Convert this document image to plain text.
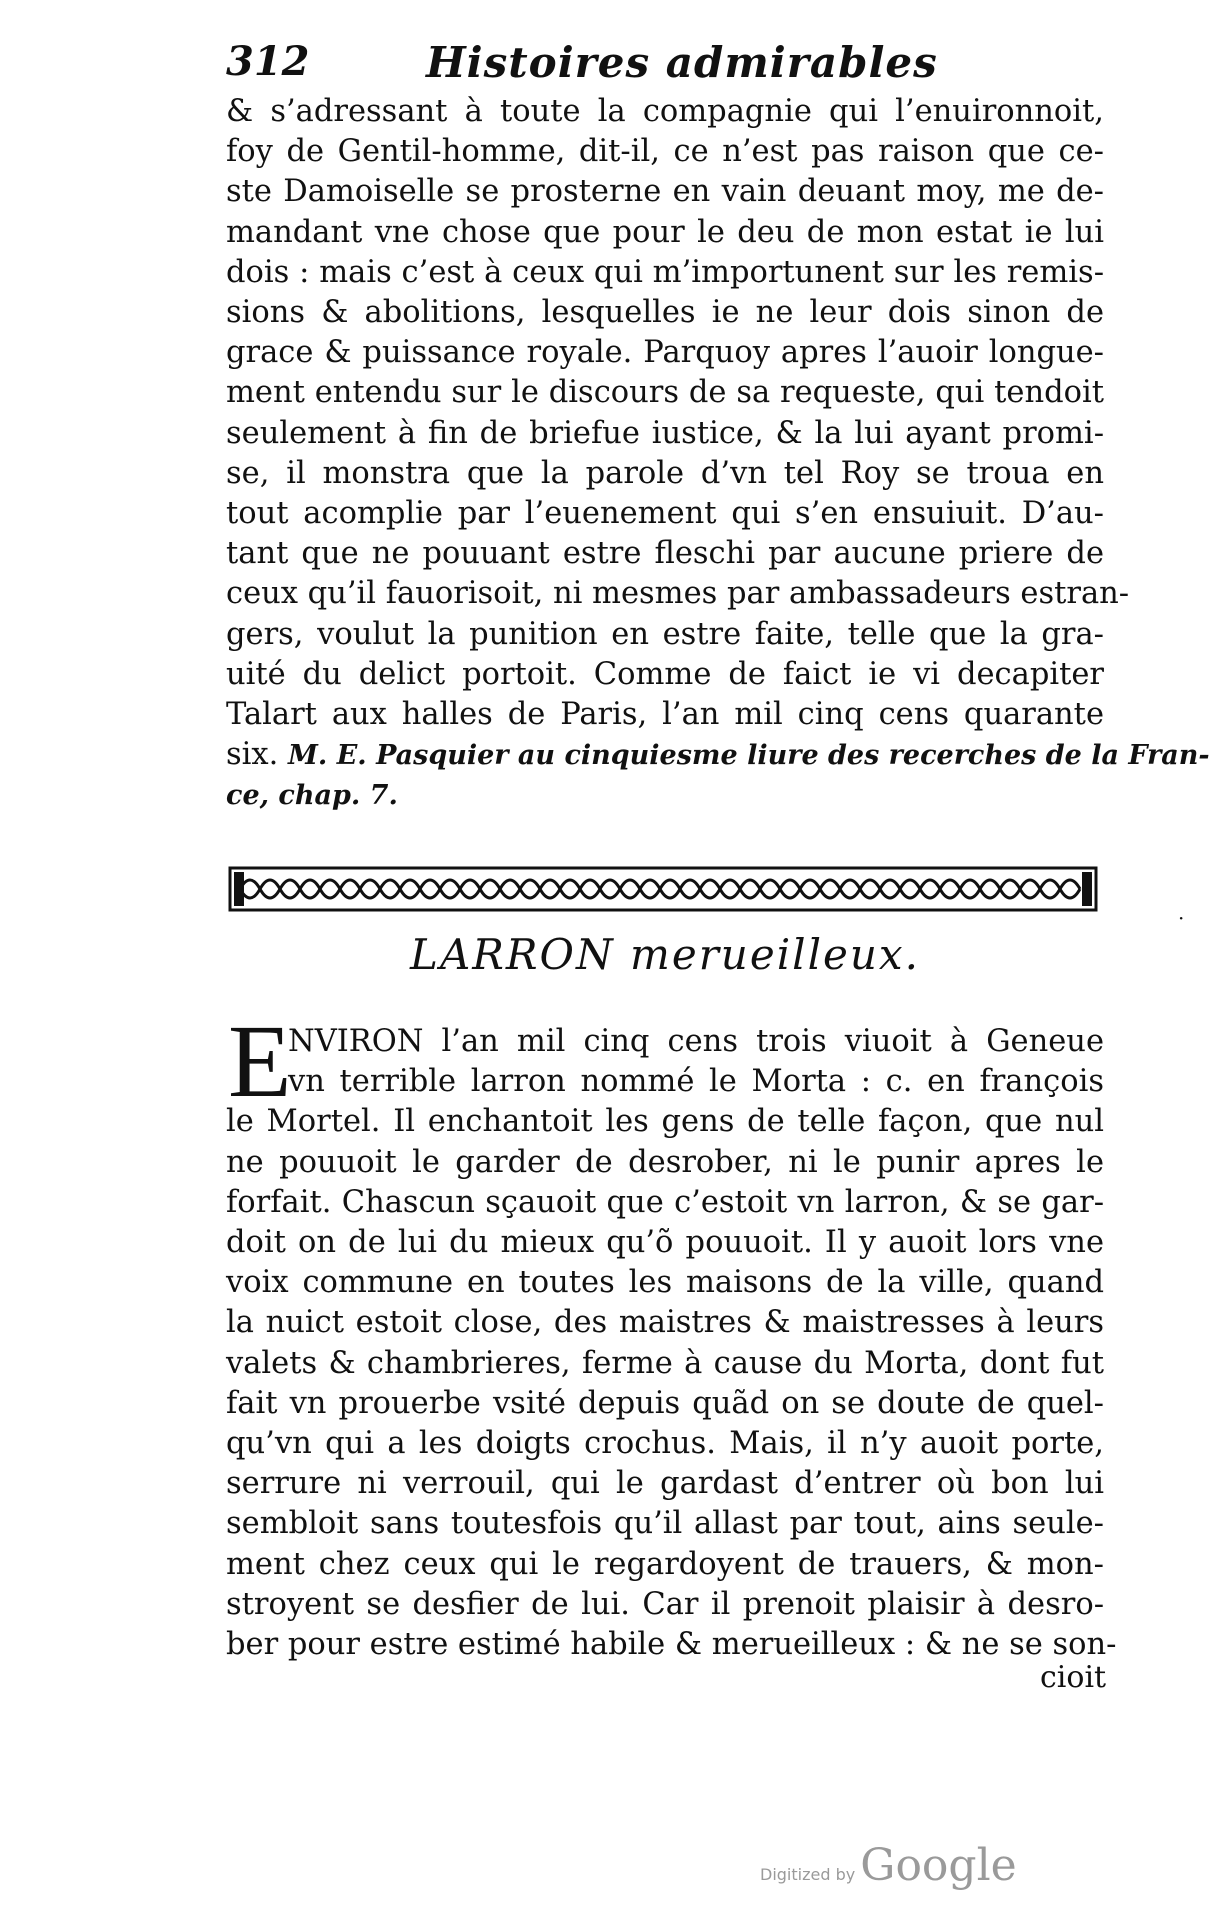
312	Histoires admirables
& s’adressant à toute la compagnie qui l’enuironnoit,
foy de Gentil-homme, dit-il, ce n’est pas raison que ce-
ste Damoiselle se prosterne en vain deuant moy, me de-
mandant vne chose que pour le deu de mon estat ie lui
dois : mais c’est à ceux qui m’importunent sur les remis-
sions & abolitions, lesquelles ie ne leur dois sinon de
grace & puissance royale. Parquoy apres l’auoir longue-
ment entendu sur le discours de sa requeste, qui tendoit
seulement à fin de briefue iustice, & la lui ayant promi-
se, il monstra que la parole d’vn tel Roy se troua en
tout acomplie par l’euenement qui s’en ensuiuit. D’au-
tant que ne pouuant estre fleschi par aucune priere de
ceux qu’il fauorisoit, ni mesmes par ambassadeurs estran-
gers, voulut la punition en estre faite, telle que la gra-
uité du delict portoit. Comme de faict ie vi decapiter
Talart aux halles de Paris, l’an mil cinq cens quarante
six. M. E. Pasquier au cinquiesme liure des recerches de la Fran-
ce, chap. 7.
LARRON merueilleux.
E
NVIRON l’an mil cinq cens trois viuoit à Geneue
vn terrible larron nommé le Morta : c. en françois
le Mortel. Il enchantoit les gens de telle façon, que nul
ne pouuoit le garder de desrober, ni le punir apres le
forfait. Chascun sçauoit que c’estoit vn larron, & se gar-
doit on de lui du mieux qu’õ pouuoit. Il y auoit lors vne
voix commune en toutes les maisons de la ville, quand
la nuict estoit close, des maistres & maistresses à leurs
valets & chambrieres, ferme à cause du Morta, dont fut
fait vn prouerbe vsité depuis quãd on se doute de quel-
qu’vn qui a les doigts crochus. Mais, il n’y auoit porte,
serrure ni verrouil, qui le gardast d’entrer où bon lui
sembloit sans toutesfois qu’il allast par tout, ains seule-
ment chez ceux qui le regardoyent de trauers, & mon-
stroyent se desfier de lui. Car il prenoit plaisir à desro-
ber pour estre estimé habile & merueilleux : & ne se son-
cioit
·
Digitized by Google
